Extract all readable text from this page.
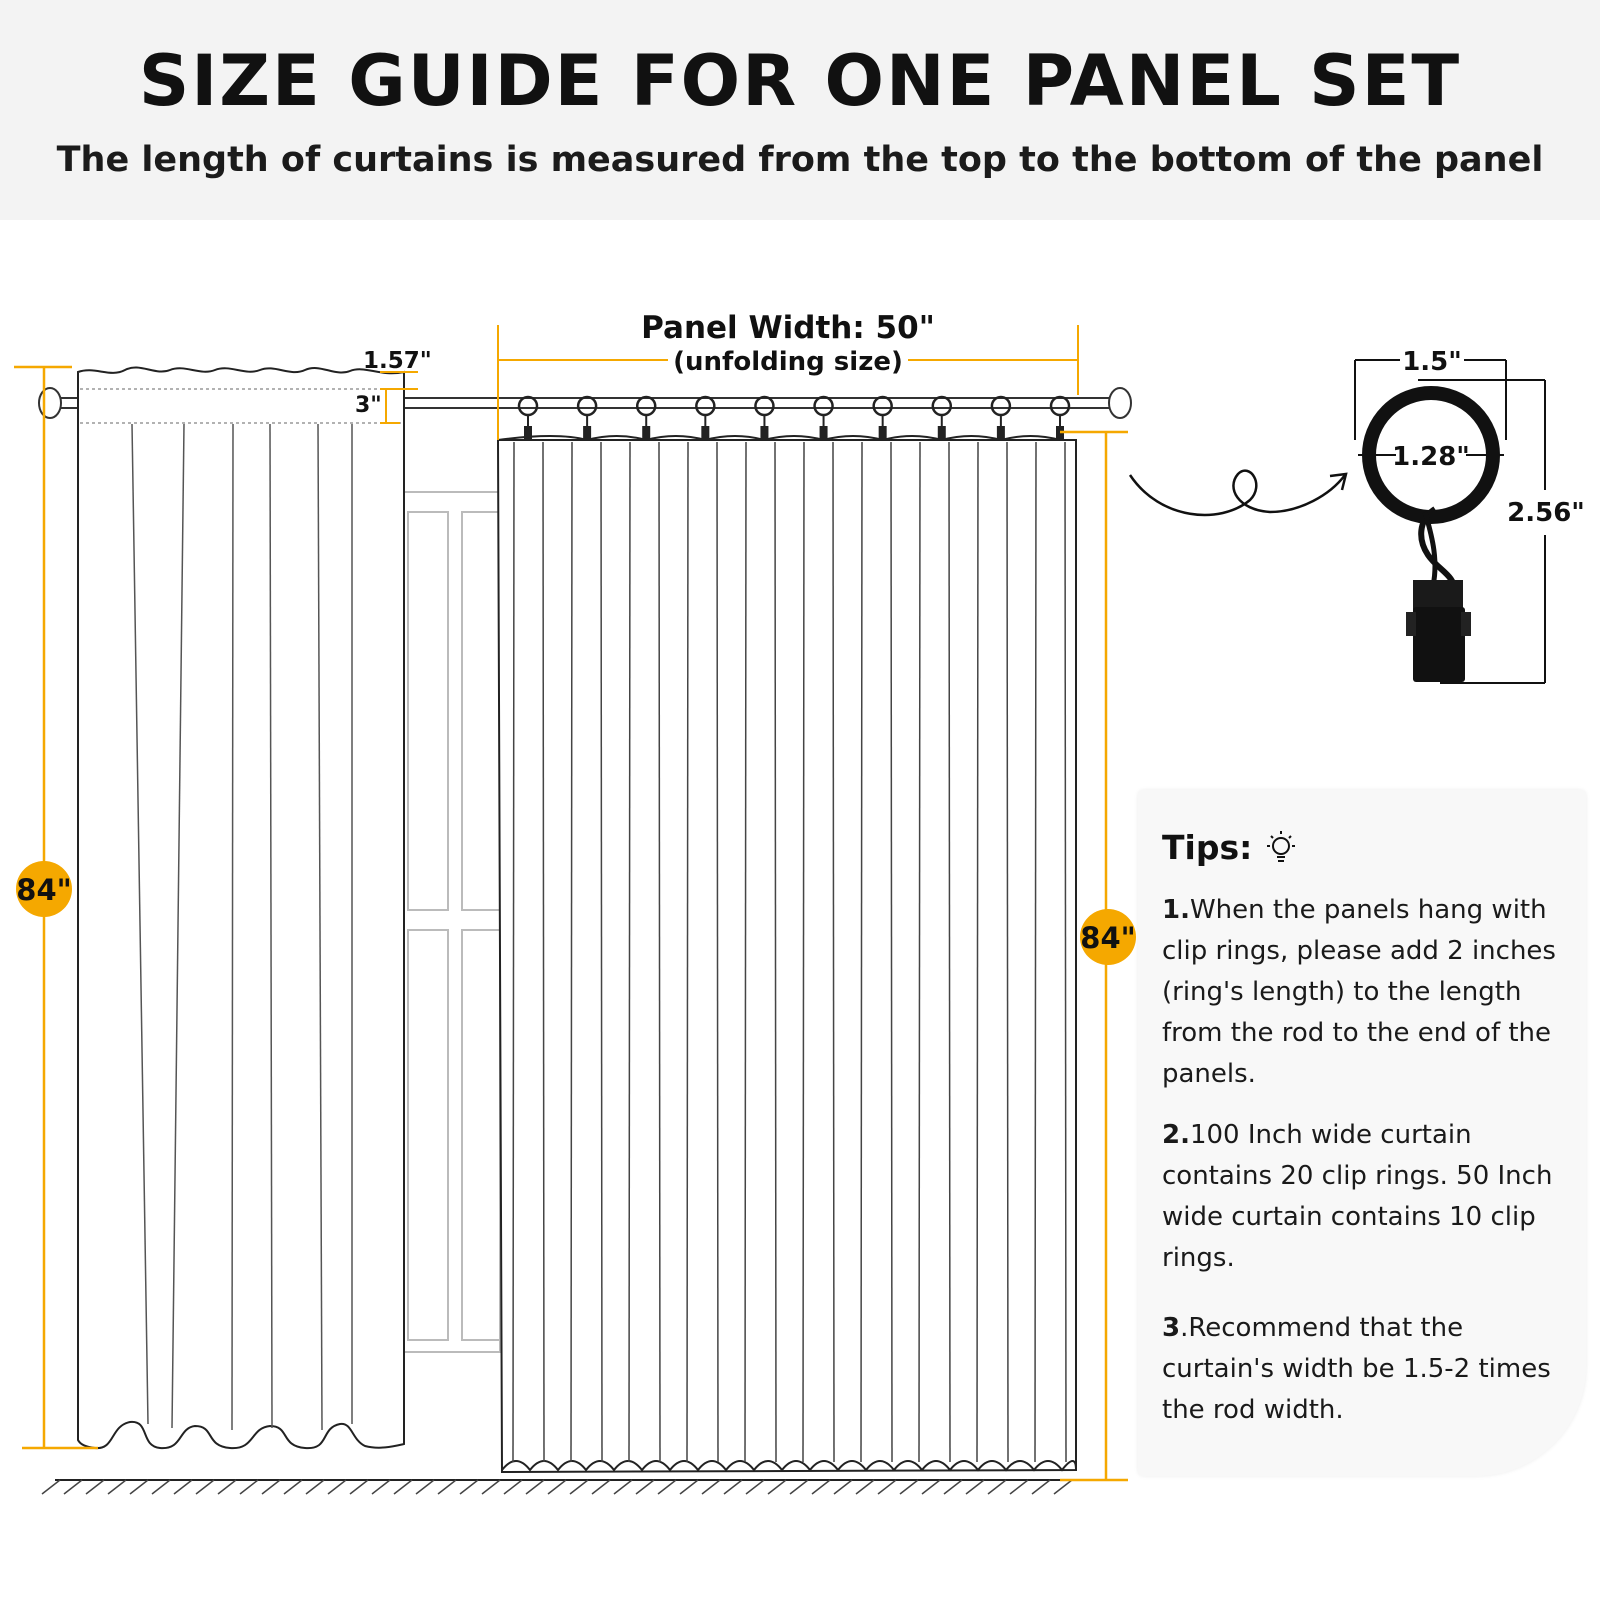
SIZE GUIDE FOR ONE PANEL SET
The length of curtains is measured from the top to the bottom of the panel
84"
1.57"
3"
Panel Width: 50"
(unfolding size)
84"
1.5"
1.28"
2.56"
Tips:
1.When the panels hang with clip rings, please add 2 inches (ring's length) to the length from the rod to the end of the panels.
2.100 Inch wide curtain contains 20 clip rings. 50 Inch wide curtain contains 10 clip rings.
3.Recommend that the curtain's width be 1.5-2 times the rod width.
